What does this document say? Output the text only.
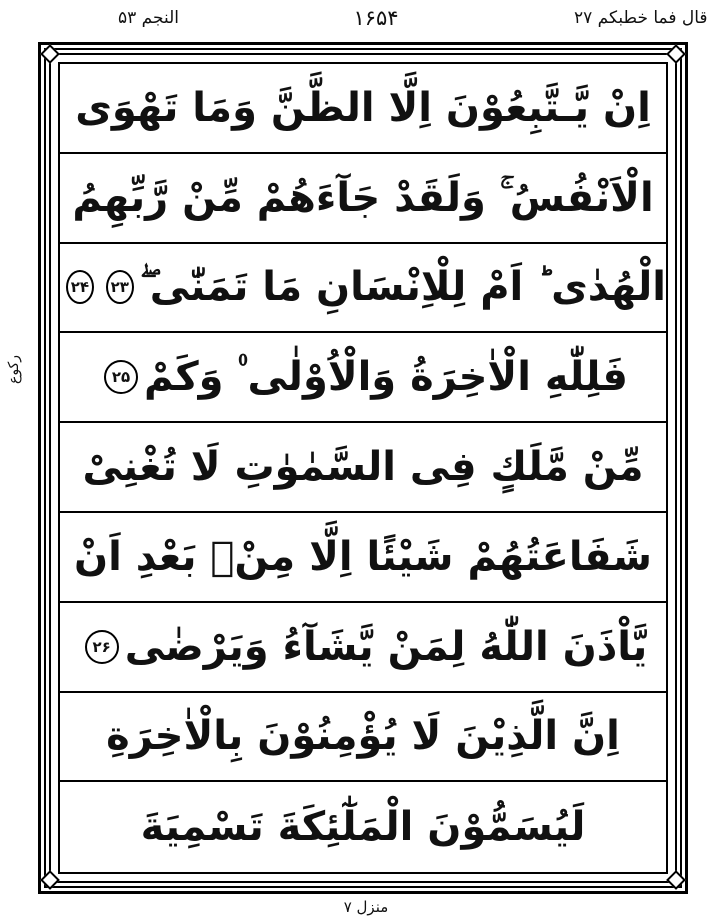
النجم ۵۳	۱۶۵۴	قال فما خطبکم ۲۷
رکوع
اِنْ يَّـتَّبِعُوْنَ اِلَّا الظَّنَّ وَمَا تَهْوَى
الْاَنْفُسُ ۚ وَلَقَدْ جَآءَهُمْ مِّنْ رَّبِّهِمُ
الْهُدٰى ؕ اَمْ لِلْاِنْسَانِ مَا تَمَنّٰى ۖ
۲۳
۲۴
فَلِلّٰهِ الْاٰخِرَةُ وَالْاُوْلٰى ۠ وَكَمْ
۲۵
مِّنْ مَّلَكٍ فِى السَّمٰوٰتِ لَا تُغْنِىْ
شَفَاعَتُهُمْ شَيْئًا اِلَّا مِنْۢ بَعْدِ اَنْ
يَّاْذَنَ اللّٰهُ لِمَنْ يَّشَآءُ وَيَرْضٰى
۲۶
اِنَّ الَّذِيْنَ لَا يُؤْمِنُوْنَ بِالْاٰخِرَةِ
لَيُسَمُّوْنَ الْمَلٰٓئِكَةَ تَسْمِيَةَ
منزل ۷
